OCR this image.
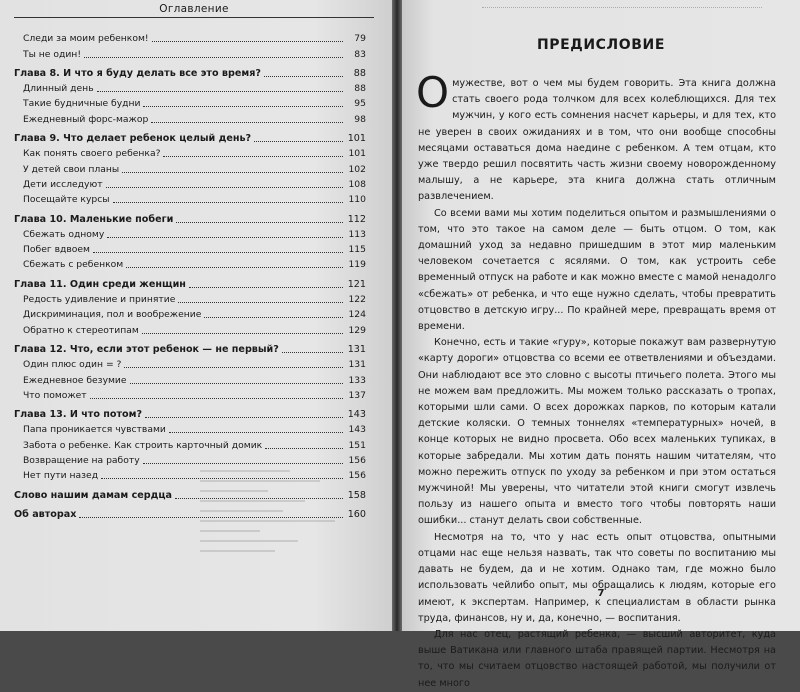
Оглавление
Следи за моим ребенком!	79
Ты не один!	83
Глава 8. И что я буду делать все это время?	88
Длинный день	88
Такие будничные будни	95
Ежедневный форс-мажор	98
Глава 9. Что делает ребенок целый день?	101
Как понять своего ребенка?	101
У детей свои планы	102
Дети исследуют	108
Посещайте курсы	110
Глава 10. Маленькие побеги	112
Сбежать одному	113
Побег вдвоем	115
Сбежать с ребенком	119
Глава 11. Один среди женщин	121
Редость удивление и принятие	122
Дискриминация, пол и вообрежение	124
Обратно к стереотипам	129
Глава 12. Что, если этот ребенок — не первый?	131
Один плюс один = ?	131
Ежедневное безумие	133
Что поможет	137
Глава 13. И что потом?	143
Папа проникается чувствами	143
Забота о ребенке. Как строить карточный домик	151
Возвращение на работу	156
Нет пути назед	156
Слово нашим дамам сердца	158
Об авторах	160
ПРЕДИСЛОВИЕ

Омужестве, вот о чем мы будем говорить. Эта книга должна стать своего рода толчком для всех колеблющихся. Для тех мужчин, у кого есть сомнения насчет карьеры, и для тех, кто не уверен в своих ожиданиях и в том, что они вообще способны месяцами оставаться дома наедине с ребенком. А тем отцам, кто уже твердо решил посвятить часть жизни своему новорожденному малышу, а не карьере, эта книга должна стать отличным развлечением.

Со всеми вами мы хотим поделиться опытом и размышлениями о том, что это такое на самом деле — быть отцом. О том, как домашний уход за недавно пришедшим в этот мир маленьким человеком сочетается с ясялями. О том, как устроить себе временный отпуск на работе и как можно вместе с мамой ненадолго «сбежать» от ребенка, и что еще нужно сделать, чтобы превратить отцовство в детскую игру... По крайней мере, превращать время от времени.

Конечно, есть и такие «гуру», которые покажут вам развернутую «карту дороги» отцовства со всеми ее ответвлениями и объездами. Они наблюдают все это словно с высоты птичьего полета. Этого мы не можем вам предложить. Мы можем только рассказать о тропах, которыми шли сами. О всех дорожках парков, по которым катали детские коляски. О темных тоннелях «температурных» ночей, в конце которых не видно просвета. Обо всех маленьких тупиках, в которые забредали. Мы хотим дать понять нашим читателям, что можно пережить отпуск по уходу за ребенком и при этом остаться мужчиной! Мы уверены, что читатели этой книги смогут извлечь пользу из нашего опыта и вместо того чтобы повторять наши ошибки... станут делать свои собственные.

Несмотря на то, что у нас есть опыт отцовства, опытными отцами нас еще нельзя назвать, так что советы по воспитанию мы давать не будем, да и не хотим. Однако там, где можно было использовать чейлибо опыт, мы обращались к людям, которые его имеют, к экспертам. Например, к специалистам в области рынка труда, финансов, ну и, да, конечно, — воспитания.

Для нас отец, растящий ребенка, — высший авторитет, куда выше Ватикана или главного штаба правящей партии. Несмотря на то, что мы считаем отцовство настоящей работой, мы получили от нее много

7
